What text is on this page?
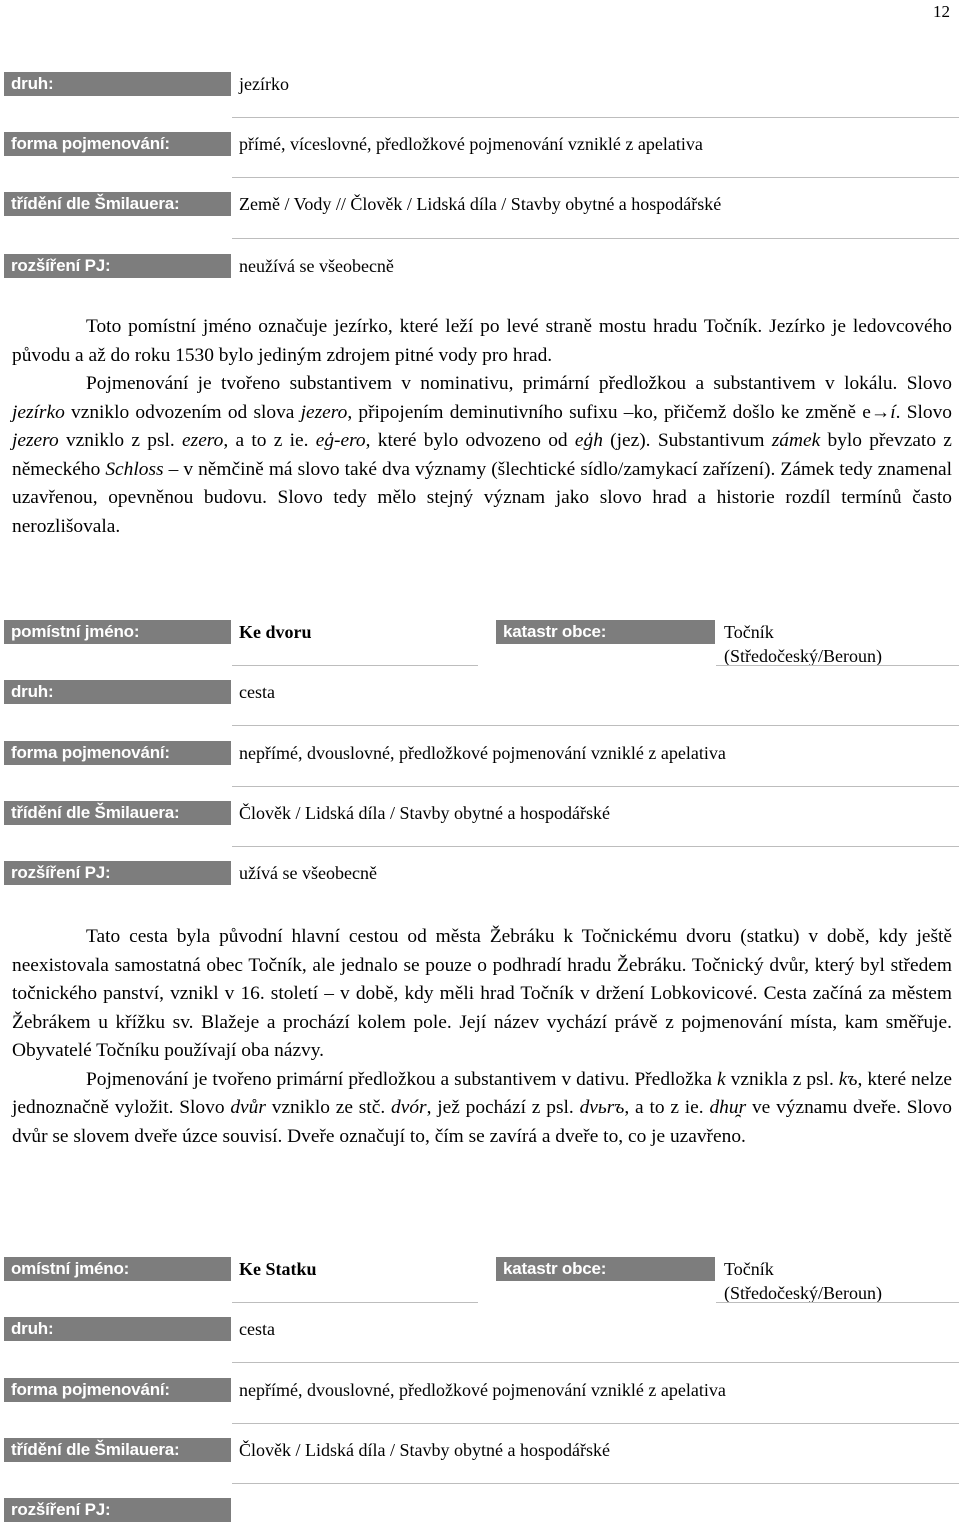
12
druh:	jezírko
forma pojmenování:	přímé, víceslovné, předložkové pojmenování vzniklé z apelativa
třídění dle Šmilauera:	Země / Vody // Člověk / Lidská díla / Stavby obytné a hospodářské
rozšíření PJ:	neužívá se všeobecně

Toto pomístní jméno označuje jezírko, které leží po levé straně mostu hradu Točník. Jezírko je ledovcového původu a až do roku 1530 bylo jediným zdrojem pitné vody pro hrad.

Pojmenování je tvořeno substantivem v nominativu, primární předložkou a substantivem v lokálu. Slovo jezírko vzniklo odvozením od slova jezero, připojením deminutivního sufixu –ko, přičemž došlo ke změně e→í. Slovo jezero vzniklo z psl. ezero, a to z ie. eģ-ero, které bylo odvozeno od eģh (jez). Substantivum zámek bylo převzato z německého Schloss – v němčině má slovo také dva významy (šlechtické sídlo/zamykací zařízení). Zámek tedy znamenal uzavřenou, opevněnou budovu. Slovo tedy mělo stejný význam jako slovo hrad a historie rozdíl termínů často nerozlišovala.

pomístní jméno:	Ke dvoru	katastr obce:	Točník
(Středočeský/Beroun)
druh:	cesta
forma pojmenování:	nepřímé, dvouslovné, předložkové pojmenování vzniklé z apelativa
třídění dle Šmilauera:	Člověk / Lidská díla / Stavby obytné a hospodářské
rozšíření PJ:	užívá se všeobecně

Tato cesta byla původní hlavní cestou od města Žebráku k Točnickému dvoru (statku) v době, kdy ještě neexistovala samostatná obec Točník, ale jednalo se pouze o podhradí hradu Žebráku. Točnický dvůr, který byl středem točnického panství, vznikl v 16. století – v době, kdy měli hrad Točník v držení Lobkovicové. Cesta začíná za městem Žebrákem u křížku sv. Blažeje a prochází kolem pole. Její název vychází právě z pojmenování místa, kam směřuje. Obyvatelé Točníku používají oba názvy.

Pojmenování je tvořeno primární předložkou a substantivem v dativu. Předložka k vznikla z psl. kъ, které nelze jednoznačně vyložit. Slovo dvůr vzniklo ze stč. dvór, jež pochází z psl. dvьrъ, a to z ie. dhu̯r ve významu dveře. Slovo dvůr se slovem dveře úzce souvisí. Dveře označují to, čím se zavírá a dveře to, co je uzavřeno.

omístní jméno:	Ke Statku	katastr obce:	Točník
(Středočeský/Beroun)
druh:	cesta
forma pojmenování:	nepřímé, dvouslovné, předložkové pojmenování vzniklé z apelativa
třídění dle Šmilauera:	Člověk / Lidská díla / Stavby obytné a hospodářské
rozšíření PJ:
